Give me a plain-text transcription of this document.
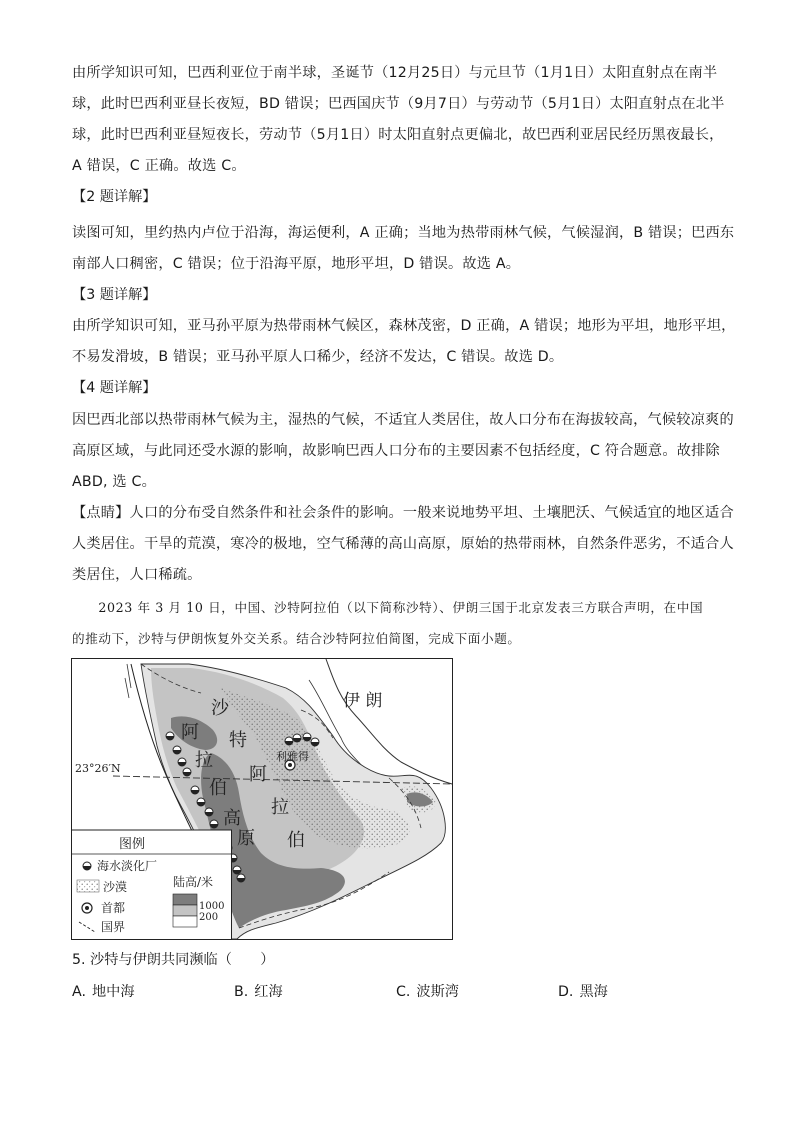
由所学知识可知，巴西利亚位于南半球，圣诞节（12月25日）与元旦节（1月1日）太阳直射点在南半
球，此时巴西利亚昼长夜短，BD 错误；巴西国庆节（9月7日）与劳动节（5月1日）太阳直射点在北半
球，此时巴西利亚昼短夜长，劳动节（5月1日）时太阳直射点更偏北，故巴西利亚居民经历黑夜最长，
A 错误，C 正确。故选 C。
【2 题详解】
读图可知，里约热内卢位于沿海，海运便利，A 正确；当地为热带雨林气候，气候湿润，B 错误；巴西东
南部人口稠密，C 错误；位于沿海平原，地形平坦，D 错误。故选 A。
【3 题详解】
由所学知识可知，亚马孙平原为热带雨林气候区，森林茂密，D 正确，A 错误；地形为平坦，地形平坦，
不易发滑坡，B 错误；亚马孙平原人口稀少，经济不发达，C 错误。故选 D。
【4 题详解】
因巴西北部以热带雨林气候为主，湿热的气候，不适宜人类居住，故人口分布在海拔较高，气候较凉爽的
高原区域，与此同还受水源的影响，故影响巴西人口分布的主要因素不包括经度，C 符合题意。故排除
ABD, 选 C。
【点睛】人口的分布受自然条件和社会条件的影响。一般来说地势平坦、土壤肥沃、气候适宜的地区适合
人类居住。干旱的荒漠，寒冷的极地，空气稀薄的高山高原，原始的热带雨林，自然条件恶劣，不适合人
类居住，人口稀疏。
　　2023 年 3 月 10 日，中国、沙特阿拉伯（以下简称沙特）、伊朗三国于北京发表三方联合声明，在中国
的推动下，沙特与伊朗恢复外交关系。结合沙特阿拉伯简图，完成下面小题。
23°26′N
伊 朗
沙
特
阿
拉
伯
阿
拉
伯
高
原
利雅得
图例
海水淡化厂
沙漠
首都
国界
陆高/米
1000
200
5. 沙特与伊朗共同濒临（　　）
A. 地中海	B. 红海	C. 波斯湾	D. 黑海
